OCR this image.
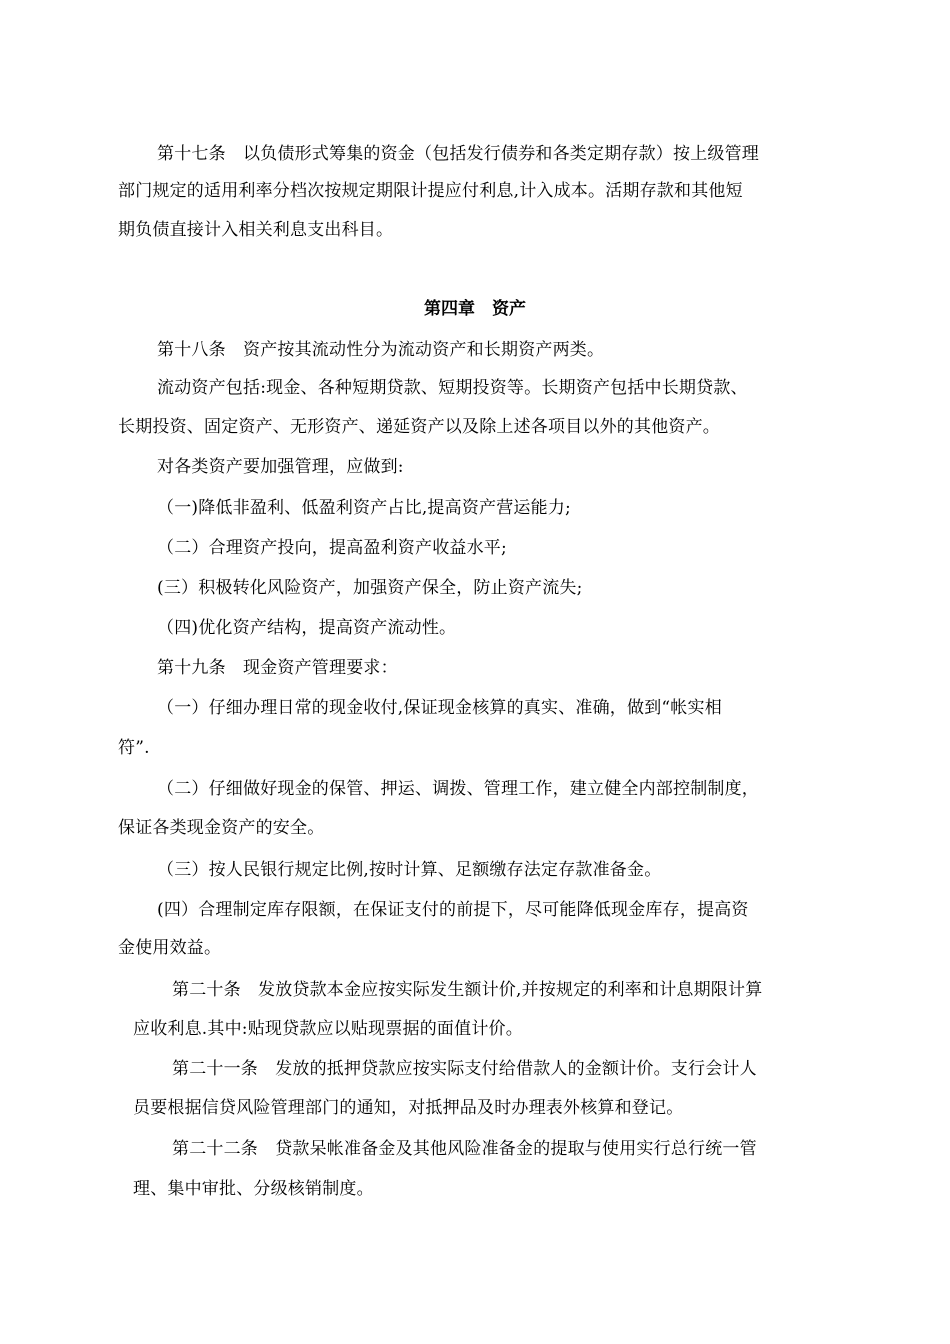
第十七条　以负债形式筹集的资金（包括发行债券和各类定期存款）按上级管理
部门规定的适用利率分档次按规定期限计提应付利息,计入成本。活期存款和其他短
期负债直接计入相关利息支出科目。
第四章　资产
第十八条　资产按其流动性分为流动资产和长期资产两类。
流动资产包括:现金、各种短期贷款、短期投资等。长期资产包括中长期贷款、
长期投资、固定资产、无形资产、递延资产以及除上述各项目以外的其他资产。
对各类资产要加强管理，应做到:
（一)降低非盈利、低盈利资产占比,提高资产营运能力;
（二）合理资产投向，提高盈利资产收益水平;
(三）积极转化风险资产，加强资产保全，防止资产流失;
（四)优化资产结构，提高资产流动性。
第十九条　现金资产管理要求：
（一）仔细办理日常的现金收付,保证现金核算的真实、准确，做到“帐实相
符”.
（二）仔细做好现金的保管、押运、调拨、管理工作，建立健全内部控制制度，
保证各类现金资产的安全。
（三）按人民银行规定比例,按时计算、足额缴存法定存款准备金。
(四）合理制定库存限额，在保证支付的前提下，尽可能降低现金库存，提高资
金使用效益。
第二十条　发放贷款本金应按实际发生额计价,并按规定的利率和计息期限计算
应收利息.其中:贴现贷款应以贴现票据的面值计价。
第二十一条　发放的抵押贷款应按实际支付给借款人的金额计价。支行会计人
员要根据信贷风险管理部门的通知，对抵押品及时办理表外核算和登记。
第二十二条　贷款呆帐准备金及其他风险准备金的提取与使用实行总行统一管
理、集中审批、分级核销制度。
